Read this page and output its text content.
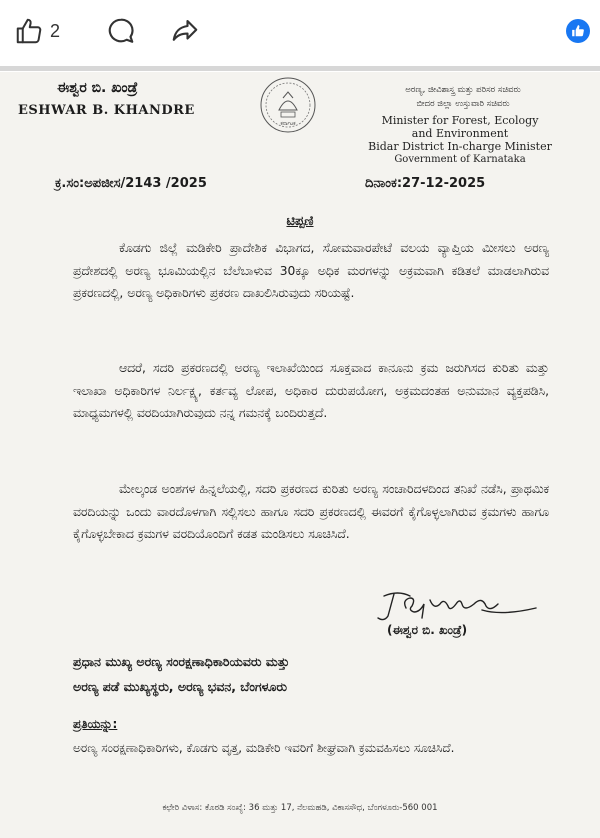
2
ಈಶ್ವರ ಬಿ. ಖಂಡ್ರೆ
ESHWAR B. KHANDRE
ಕರ್ನಾಟಕ
ಅರಣ್ಯ, ಜೀವಿಶಾಸ್ತ್ರ ಮತ್ತು ಪರಿಸರ ಸಚಿವರು
ಬೀದರ ಜಿಲ್ಲಾ ಉಸ್ತುವಾರಿ ಸಚಿವರು
Minister for Forest, Ecology
and Environment
Bidar District In-charge Minister
Government of Karnataka
ಕ್ರ.ಸಂ:ಅಪಜೀಸ/2143 /2025	ದಿನಾಂಕ:27-12-2025
ಟಿಪ್ಪಣಿ
ಕೊಡಗು ಜಿಲ್ಲೆ ಮಡಿಕೇರಿ ಪ್ರಾದೇಶಿಕ ವಿಭಾಗದ, ಸೋಮವಾರಪೇಟೆ ವಲಯ ವ್ಯಾಪ್ತಿಯ ಮೀಸಲು ಅರಣ್ಯ ಪ್ರದೇಶದಲ್ಲಿ ಅರಣ್ಯ ಭೂಮಿಯಲ್ಲಿನ ಬೆಲೆಬಾಳುವ 30ಕ್ಕೂ ಅಧಿಕ ಮರಗಳನ್ನು ಅಕ್ರಮವಾಗಿ ಕಡಿತಲೆ ಮಾಡಲಾಗಿರುವ ಪ್ರಕರಣದಲ್ಲಿ, ಅರಣ್ಯ ಅಧಿಕಾರಿಗಳು ಪ್ರಕರಣ ದಾಖಲಿಸಿರುವುದು ಸರಿಯಷ್ಟೆ.
ಆದರೆ, ಸದರಿ ಪ್ರಕರಣದಲ್ಲಿ ಅರಣ್ಯ ಇಲಾಖೆಯಿಂದ ಸೂಕ್ತವಾದ ಕಾನೂನು ಕ್ರಮ ಜರುಗಿಸದ ಕುರಿತು ಮತ್ತು ಇಲಾಖಾ ಅಧಿಕಾರಿಗಳ ನಿರ್ಲಕ್ಷ್ಯ, ಕರ್ತವ್ಯ ಲೋಪ, ಅಧಿಕಾರ ದುರುಪಯೋಗ, ಅಕ್ರಮದಂತಹ ಅನುಮಾನ ವ್ಯಕ್ತಪಡಿಸಿ, ಮಾಧ್ಯಮಗಳಲ್ಲಿ ವರದಿಯಾಗಿರುವುದು ನನ್ನ ಗಮನಕ್ಕೆ ಬಂದಿರುತ್ತದೆ.
ಮೇಲ್ಕಂಡ ಅಂಶಗಳ ಹಿನ್ನಲೆಯಲ್ಲಿ, ಸದರಿ ಪ್ರಕರಣದ ಕುರಿತು ಅರಣ್ಯ ಸಂಚಾರಿದಳದಿಂದ ತನಿಖೆ ನಡೆಸಿ, ಪ್ರಾಥಮಿಕ ವರದಿಯನ್ನು ಒಂದು ವಾರದೊಳಗಾಗಿ ಸಲ್ಲಿಸಲು ಹಾಗೂ ಸದರಿ ಪ್ರಕರಣದಲ್ಲಿ ಈವರಗೆ ಕೈಗೊಳ್ಳಲಾಗಿರುವ ಕ್ರಮಗಳು ಹಾಗೂ ಕೈಗೊಳ್ಳಬೇಕಾದ ಕ್ರಮಗಳ ವರದಿಯೊಂದಿಗೆ ಕಡತ ಮಂಡಿಸಲು ಸೂಚಿಸಿದೆ.
(ಈಶ್ವರ ಬಿ. ಖಂಡ್ರೆ)
ಪ್ರಧಾನ ಮುಖ್ಯ ಅರಣ್ಯ ಸಂರಕ್ಷಣಾಧಿಕಾರಿಯವರು ಮತ್ತು
ಅರಣ್ಯ ಪಡೆ ಮುಖ್ಯಸ್ಥರು, ಅರಣ್ಯ ಭವನ, ಬೆಂಗಳೂರು
ಪ್ರತಿಯನ್ನು:
ಅರಣ್ಯ ಸಂರಕ್ಷಣಾಧಿಕಾರಿಗಳು, ಕೊಡಗು ವೃತ್ತ, ಮಡಿಕೇರಿ ಇವರಿಗೆ ಶೀಘ್ರವಾಗಿ ಕ್ರಮವಹಿಸಲು ಸೂಚಿಸಿದೆ.
ಕಛೇರಿ ವಿಳಾಸ: ಕೊಠಡಿ ಸಂಖ್ಯೆ: 36 ಮತ್ತು 17, ನೆಲಮಹಡಿ, ವಿಕಾಸಸೌಧ, ಬೆಂಗಳೂರು-560 001
